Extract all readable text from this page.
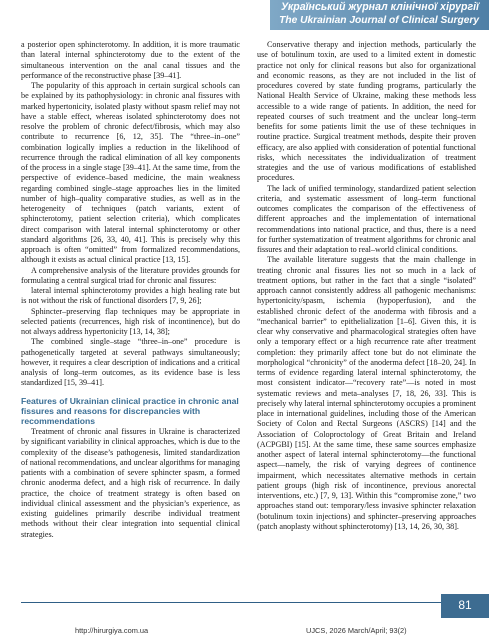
Український журнал клінічної хірургії
The Ukrainian Journal of Clinical Surgery

a posterior open sphincterotomy. In addition, it is more traumatic than lateral internal sphincterotomy due to the extent of the simultaneous intervention on the anal canal tissues and the performance of the reconstructive phase [39–41].

The popularity of this approach in certain surgical schools can be explained by its pathophysiology: in chronic anal fissures with marked hypertonicity, isolated plasty without spasm relief may not have a stable effect, whereas isolated sphincterotomy does not resolve the problem of chronic defect/fibrosis, which may also contribute to recurrence [6, 12, 35]. The “three–in–one” combination logically implies a reduction in the likelihood of recurrence through the radical elimination of all key components of the process in a single stage [39–41]. At the same time, from the perspective of evidence–based medicine, the main weakness regarding combined single–stage approaches lies in the limited number of high–quality comparative studies, as well as in the heterogeneity of techniques (patch variants, extent of sphincterotomy, patient selection criteria), which complicates direct comparison with lateral internal sphincterotomy or other standard algorithms [26, 33, 40, 41]. This is precisely why this approach is often “omitted” from formalized recommendations, although it exists as actual clinical practice [13, 15].

A comprehensive analysis of the literature provides grounds for formulating a central surgical triad for chronic anal fissures:

lateral internal sphincterotomy provides a high healing rate but is not without the risk of functional disorders [7, 9, 26];

Sphincter–preserving flap techniques may be appropriate in selected patients (recurrences, high risk of incontinence), but do not always address hypertonicity [13, 14, 38];

The combined single–stage “three–in–one” procedure is pathogenetically targeted at several pathways simultaneously; however, it requires a clear description of indications and a critical analysis of long–term outcomes, as its evidence base is less standardized [15, 39–41].

Features of Ukrainian clinical practice in chronic anal fissures and reasons for discrepancies with recommendations

Treatment of chronic anal fissures in Ukraine is characterized by significant variability in clinical approaches, which is due to the complexity of the disease’s pathogenesis, limited standardization of national recommendations, and unclear algorithms for managing patients with a combination of severe sphincter spasm, a formed chronic anoderma defect, and a high risk of recurrence. In daily practice, the choice of treatment strategy is often based on individual clinical assessment and the physician’s experience, as existing guidelines primarily describe individual treatment methods without their clear integration into sequential clinical strategies.

Conservative therapy and injection methods, particularly the use of botulinum toxin, are used to a limited extent in domestic practice not only for clinical reasons but also for organizational and economic reasons, as they are not included in the list of procedures covered by state funding programs, particularly the National Health Service of Ukraine, making these methods less accessible to a wide range of patients. In addition, the need for repeated courses of such treatment and the unclear long–term benefits for some patients limit the use of these techniques in routine practice. Surgical treatment methods, despite their proven efficacy, are also applied with consideration of potential functional risks, which necessitates the individualization of treatment strategies and the use of various modifications of established procedures.

The lack of unified terminology, standardized patient selection criteria, and systematic assessment of long–term functional outcomes complicates the comparison of the effectiveness of different approaches and the implementation of international recommendations into national practice, and thus, there is a need for further systematization of treatment algorithms for chronic anal fissures and their adaptation to real–world clinical conditions.

The available literature suggests that the main challenge in treating chronic anal fissures lies not so much in a lack of treatment options, but rather in the fact that a single “isolated” approach cannot consistently address all pathogenic mechanisms: hypertonicity/spasm, ischemia (hypoperfusion), and the established chronic defect of the anoderma with fibrosis and a “mechanical barrier” to epithelialization [1–6]. Given this, it is clear why conservative and pharmacological strategies often have only a temporary effect or a high recurrence rate after treatment completion: they primarily affect tone but do not eliminate the morphological “chronicity” of the anoderma defect [18–20, 24]. In terms of evidence regarding lateral internal sphincterotomy, the most consistent indicator—“recovery rate”—is noted in most systematic reviews and meta–analyses [7, 18, 26, 33]. This is precisely why lateral internal sphincterotomy occupies a prominent place in international guidelines, including those of the American Society of Colon and Rectal Surgeons (ASCRS) [14] and the Association of Coloproctology of Great Britain and Ireland (ACPGBI) [15]. At the same time, these same sources emphasize another aspect of lateral internal sphincterotomy—the functional aspect—namely, the risk of varying degrees of continence impairment, which necessitates alternative methods in certain patient groups (high risk of incontinence, previous anorectal interventions, etc.) [7, 9, 13]. Within this “compromise zone,” two approaches stand out: temporary/less invasive sphincter relaxation (botulinum toxin injections) and sphincter–preserving approaches (patch anoplasty without sphincterotomy) [13, 14, 26, 30, 38].

http://hirurgiya.com.ua	UJCS, 2026 March/April; 93(2)
81
